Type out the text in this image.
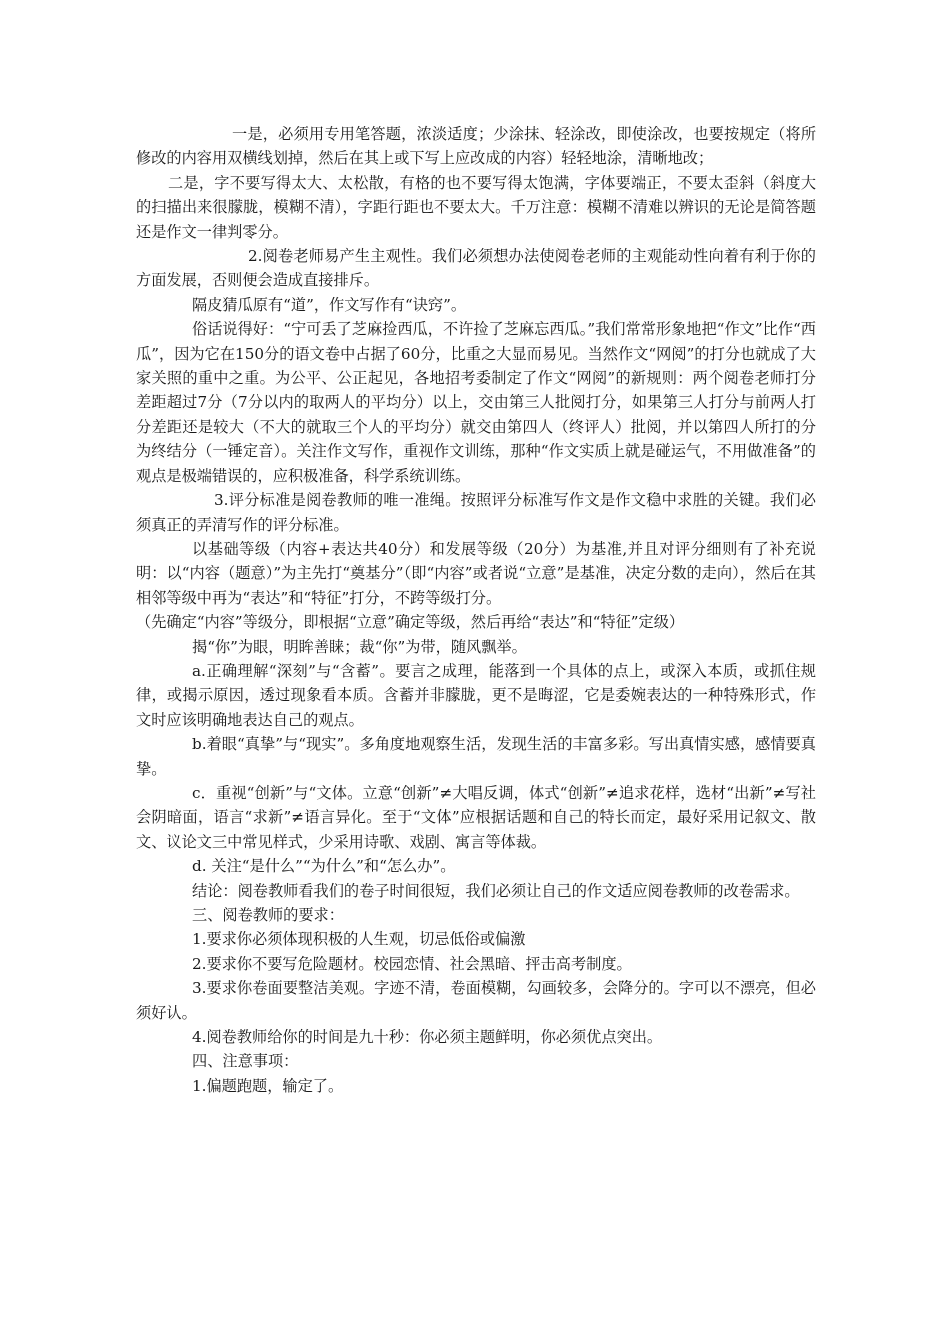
一是，必须用专用笔答题，浓淡适度；少涂抹、轻涂改，即使涂改，也要按规定（将所修改的内容用双横线划掉，然后在其上或下写上应改成的内容）轻轻地涂，清晰地改；

二是，字不要写得太大、太松散，有格的也不要写得太饱满，字体要端正，不要太歪斜（斜度大的扫描出来很朦胧，模糊不清），字距行距也不要太大。千万注意：模糊不清难以辨识的无论是简答题还是作文一律判零分。

2.阅卷老师易产生主观性。我们必须想办法使阅卷老师的主观能动性向着有利于你的方面发展，否则便会造成直接排斥。

隔皮猜瓜原有“道”，作文写作有“诀窍”。

俗话说得好：“宁可丢了芝麻捡西瓜，不许捡了芝麻忘西瓜。”我们常常形象地把“作文”比作“西瓜”，因为它在150分的语文卷中占据了60分，比重之大显而易见。当然作文“网阅”的打分也就成了大家关照的重中之重。为公平、公正起见，各地招考委制定了作文“网阅”的新规则：两个阅卷老师打分差距超过7分（7分以内的取两人的平均分）以上，交由第三人批阅打分，如果第三人打分与前两人打分差距还是较大（不大的就取三个人的平均分）就交由第四人（终评人）批阅，并以第四人所打的分为终结分（一锤定音）。关注作文写作，重视作文训练，那种“作文实质上就是碰运气，不用做准备”的观点是极端错误的，应积极准备，科学系统训练。

3.评分标准是阅卷教师的唯一准绳。按照评分标准写作文是作文稳中求胜的关键。我们必须真正的弄清写作的评分标准。

以基础等级（内容+表达共40分）和发展等级（20分）为基准,并且对评分细则有了补充说明：以“内容（题意）”为主先打“奠基分”（即“内容”或者说“立意”是基准，决定分数的走向），然后在其相邻等级中再为“表达”和“特征”打分，不跨等级打分。

（先确定“内容”等级分，即根据“立意”确定等级，然后再给“表达”和“特征”定级）

揭“你”为眼，明眸善睐；裁“你”为带，随风飘举。

a.正确理解“深刻”与“含蓄”。要言之成理，能落到一个具体的点上，或深入本质，或抓住规律，或揭示原因，透过现象看本质。含蓄并非朦胧，更不是晦涩，它是委婉表达的一种特殊形式，作文时应该明确地表达自己的观点。

b.着眼“真挚”与“现实”。多角度地观察生活，发现生活的丰富多彩。写出真情实感，感情要真挚。

c．重视“创新”与“文体。立意“创新”≠大唱反调，体式“创新”≠追求花样，选材“出新”≠写社会阴暗面，语言“求新”≠语言异化。至于“文体”应根据话题和自己的特长而定，最好采用记叙文、散文、议论文三中常见样式，少采用诗歌、戏剧、寓言等体裁。

d. 关注“是什么”“为什么”和“怎么办”。

结论：阅卷教师看我们的卷子时间很短，我们必须让自己的作文适应阅卷教师的改卷需求。

三、阅卷教师的要求：

1.要求你必须体现积极的人生观，切忌低俗或偏激

2.要求你不要写危险题材。校园恋情、社会黑暗、抨击高考制度。

3.要求你卷面要整洁美观。字迹不清，卷面模糊，勾画较多，会降分的。字可以不漂亮，但必须好认。

4.阅卷教师给你的时间是九十秒：你必须主题鲜明，你必须优点突出。

四、注意事项：

1.偏题跑题，输定了。
